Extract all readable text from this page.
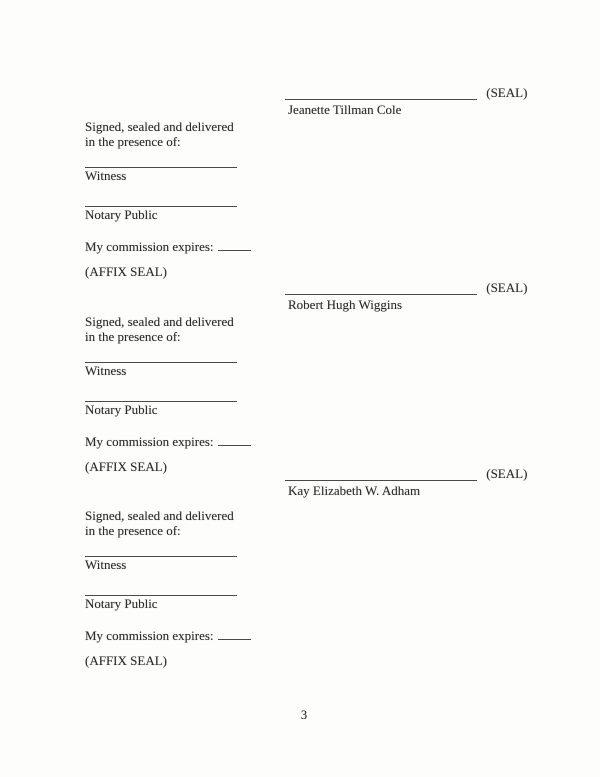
(SEAL)
Jeanette Tillman Cole
Signed, sealed and delivered
in the presence of:
Witness
Notary Public
My commission expires:
(AFFIX SEAL)
(SEAL)
Robert Hugh Wiggins
Signed, sealed and delivered
in the presence of:
Witness
Notary Public
My commission expires:
(AFFIX SEAL)	(SEAL)
Kay Elizabeth W. Adham
Signed, sealed and delivered
in the presence of:
Witness
Notary Public
My commission expires:
(AFFIX SEAL)
3
